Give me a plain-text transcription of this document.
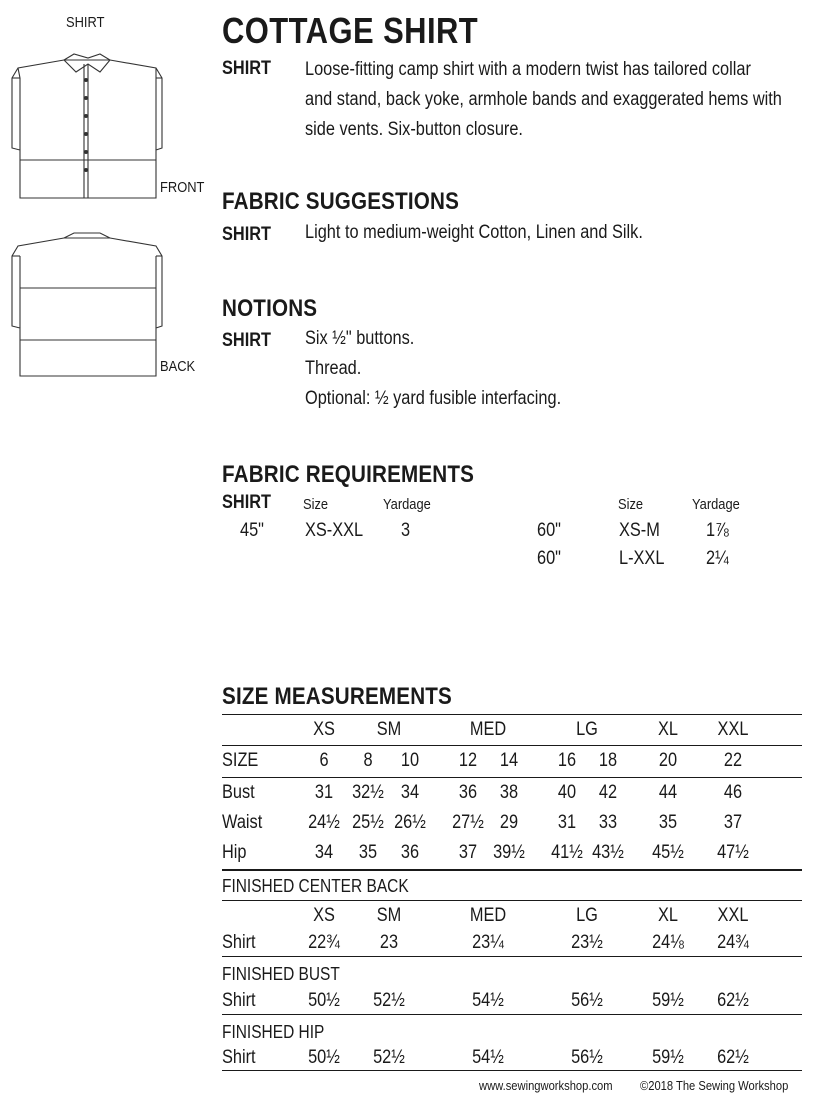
SHIRT
FRONT
BACK
COTTAGE SHIRT
SHIRT Loose-fitting camp shirt with a modern twist has tailored collar
and stand, back yoke, armhole bands and exaggerated hems with
side vents. Six-button closure.
FABRIC SUGGESTIONS
SHIRT Light to medium-weight Cotton, Linen and Silk.
NOTIONS
SHIRT Six ½" buttons.
Thread.
Optional: ½ yard fusible interfacing.
FABRIC REQUIREMENTS
SHIRT Size	Yardage
45" XS-XXL 3
Size	Yardage
60"	XS-M 1⅞
60"	L-XXL 2¼
SIZE MEASUREMENTS
XS	SM	MED	LG	XL	XXL
SIZE	6	8	10	12	14	16	18	20	22
Bust	31	32½ 34	36	38	40	42	44	46
Waist	24½ 25½ 26½	27½ 29	31	33	35	37
Hip	34	35	36	37 39½	41½ 43½	45½	47½
FINISHED CENTER BACK
XS	SM	MED	LG	XL	XXL
Shirt	22¾	23	23¼	23½	24⅛	24¾
FINISHED BUST
Shirt	50½	52½	54½	56½	59½	62½
FINISHED HIP
Shirt	50½	52½	54½	56½	59½	62½
www.sewingworkshop.com ©2018 The Sewing Workshop
